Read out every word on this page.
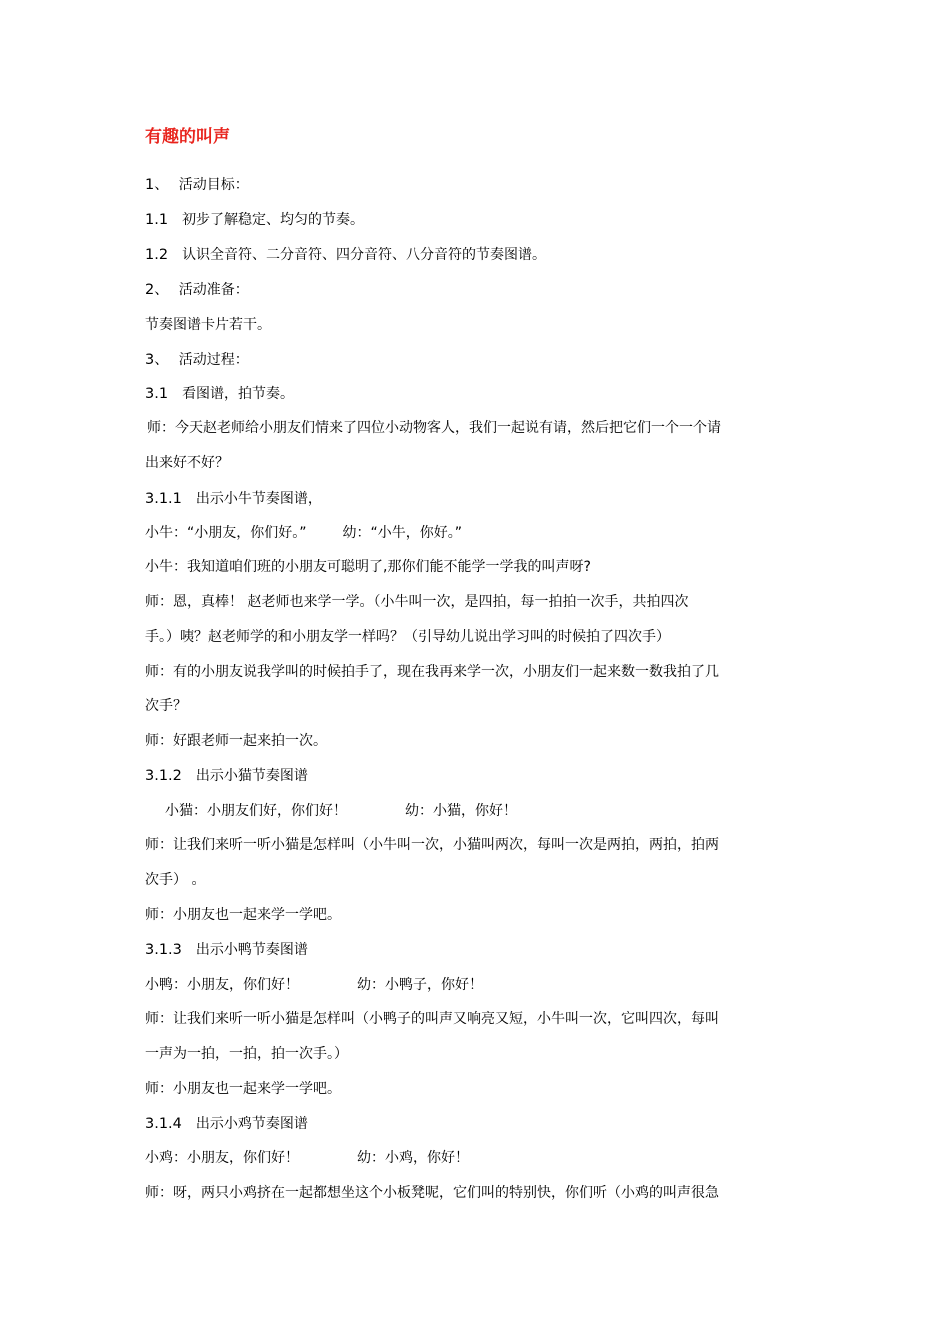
有趣的叫声
1、 活动目标：
1.1 初步了解稳定、均匀的节奏。
1.2 认识全音符、二分音符、四分音符、八分音符的节奏图谱。
2、 活动准备：
节奏图谱卡片若干。
3、 活动过程：
3.1 看图谱，拍节奏。
师：今天赵老师给小朋友们情来了四位小动物客人，我们一起说有请，然后把它们一个一个请
出来好不好？
3.1.1 出示小牛节奏图谱，
小牛：“小朋友，你们好。”	幼：“小牛，你好。”
小牛：我知道咱们班的小朋友可聪明了,那你们能不能学一学我的叫声呀?
师：恩，真棒！ 赵老师也来学一学。（小牛叫一次，是四拍，每一拍拍一次手，共拍四次
手。）咦？赵老师学的和小朋友学一样吗？（引导幼儿说出学习叫的时候拍了四次手）
师：有的小朋友说我学叫的时候拍手了，现在我再来学一次，小朋友们一起来数一数我拍了几
次手？
师：好跟老师一起来拍一次。
3.1.2 出示小猫节奏图谱
小猫：小朋友们好，你们好！	幼：小猫，你好！
师：让我们来听一听小猫是怎样叫（小牛叫一次，小猫叫两次，每叫一次是两拍，两拍，拍两
次手） 。
师：小朋友也一起来学一学吧。
3.1.3 出示小鸭节奏图谱
小鸭：小朋友，你们好！	幼：小鸭子，你好！
师：让我们来听一听小猫是怎样叫（小鸭子的叫声又响亮又短，小牛叫一次，它叫四次，每叫
一声为一拍，一拍，拍一次手。）
师：小朋友也一起来学一学吧。
3.1.4 出示小鸡节奏图谱
小鸡：小朋友，你们好！	幼：小鸡，你好！
师：呀，两只小鸡挤在一起都想坐这个小板凳呢，它们叫的特别快，你们听（小鸡的叫声很急
